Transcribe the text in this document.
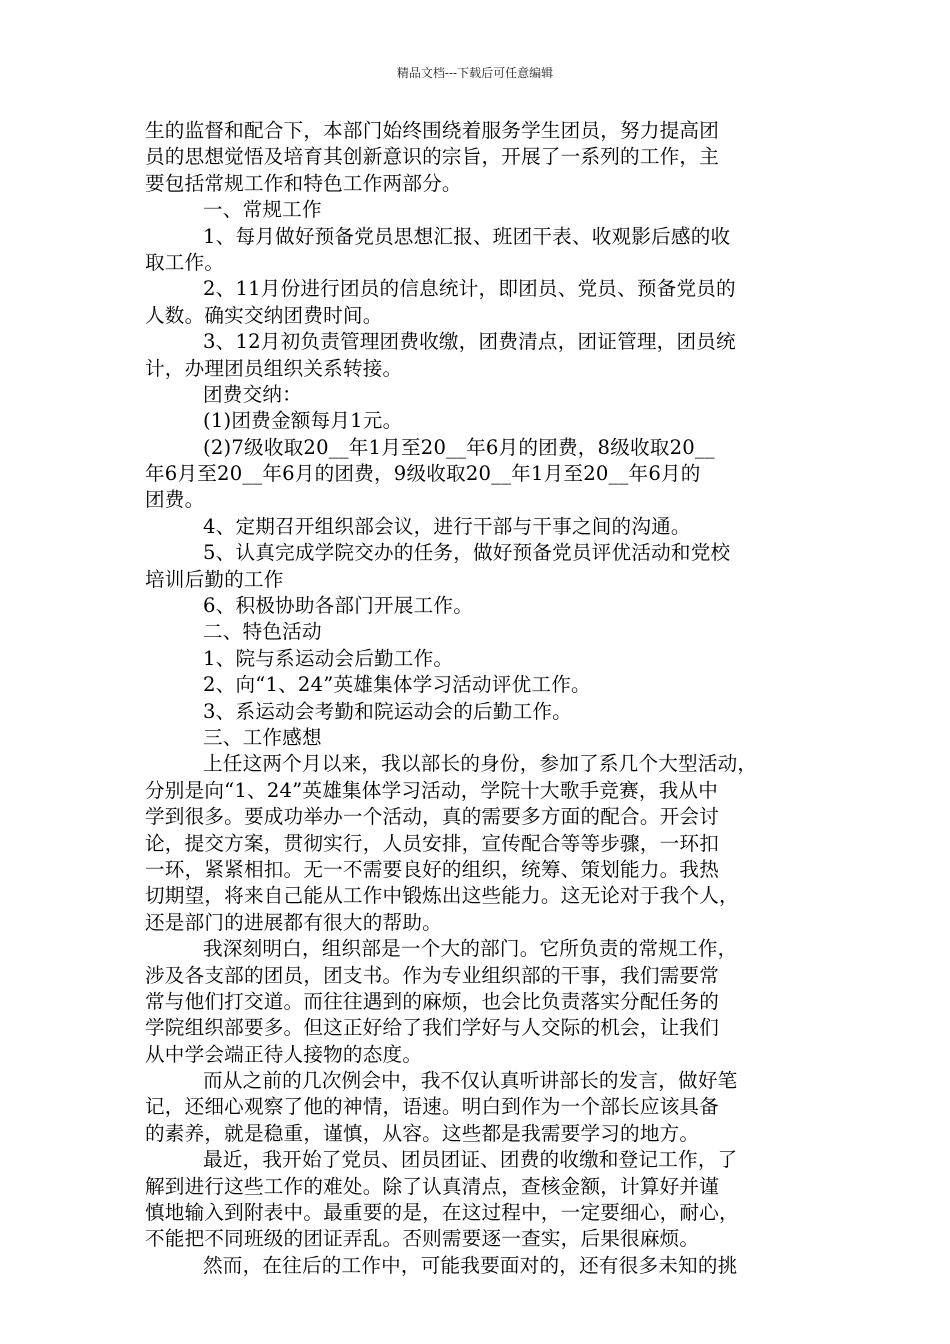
精品文档---下载后可任意编辑
生的监督和配合下，本部门始终围绕着服务学生团员，努力提高团
员的思想觉悟及培育其创新意识的宗旨，开展了一系列的工作，主
要包括常规工作和特色工作两部分。
一、常规工作
1、每月做好预备党员思想汇报、班团干表、收观影后感的收
取工作。
2、11月份进行团员的信息统计，即团员、党员、预备党员的
人数。确实交纳团费时间。
3、12月初负责管理团费收缴，团费清点，团证管理，团员统
计，办理团员组织关系转接。
团费交纳：
(1)团费金额每月1元。
(2)7级收取20__年1月至20__年6月的团费，8级收取20__
年6月至20__年6月的团费，9级收取20__年1月至20__年6月的
团费。
4、定期召开组织部会议，进行干部与干事之间的沟通。
5、认真完成学院交办的任务，做好预备党员评优活动和党校
培训后勤的工作
6、积极协助各部门开展工作。
二、特色活动
1、院与系运动会后勤工作。
2、向“1、24”英雄集体学习活动评优工作。
3、系运动会考勤和院运动会的后勤工作。
三、工作感想
上任这两个月以来，我以部长的身份，参加了系几个大型活动，
分别是向“1、24”英雄集体学习活动，学院十大歌手竞赛，我从中
学到很多。要成功举办一个活动，真的需要多方面的配合。开会讨
论，提交方案，贯彻实行，人员安排，宣传配合等等步骤，一环扣
一环，紧紧相扣。无一不需要良好的组织，统筹、策划能力。我热
切期望，将来自己能从工作中锻炼出这些能力。这无论对于我个人，
还是部门的进展都有很大的帮助。
我深刻明白，组织部是一个大的部门。它所负责的常规工作，
涉及各支部的团员，团支书。作为专业组织部的干事，我们需要常
常与他们打交道。而往往遇到的麻烦，也会比负责落实分配任务的
学院组织部要多。但这正好给了我们学好与人交际的机会，让我们
从中学会端正待人接物的态度。
而从之前的几次例会中，我不仅认真听讲部长的发言，做好笔
记，还细心观察了他的神情，语速。明白到作为一个部长应该具备
的素养，就是稳重，谨慎，从容。这些都是我需要学习的地方。
最近，我开始了党员、团员团证、团费的收缴和登记工作，了
解到进行这些工作的难处。除了认真清点，查核金额，计算好并谨
慎地输入到附表中。最重要的是，在这过程中，一定要细心，耐心，
不能把不同班级的团证弄乱。否则需要逐一查实，后果很麻烦。
然而，在往后的工作中，可能我要面对的，还有很多未知的挑
